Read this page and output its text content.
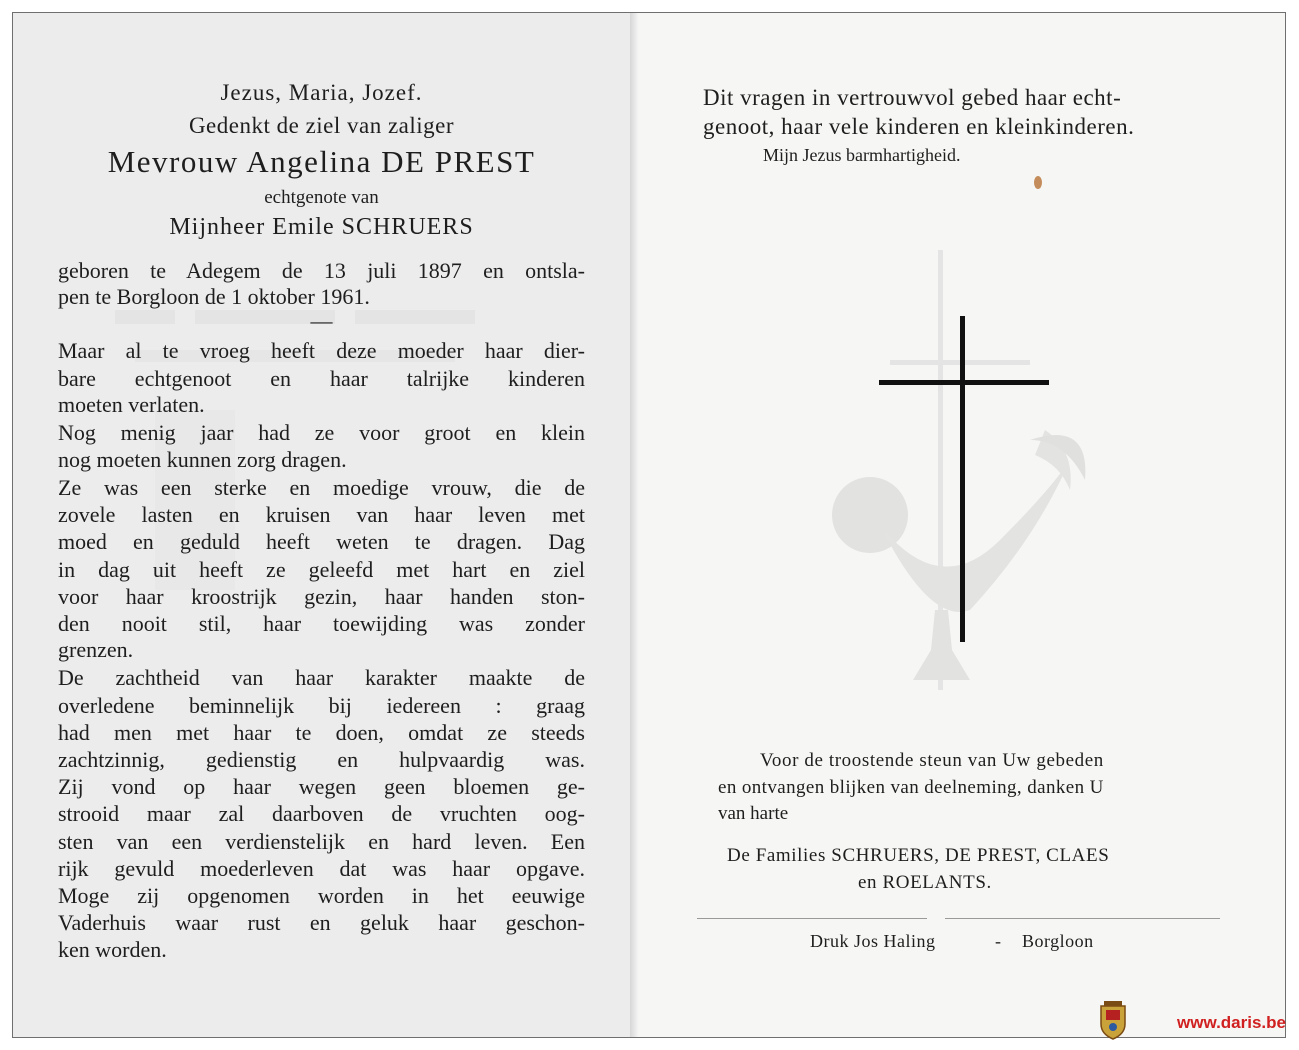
Jezus, Maria, Jozef.
Gedenkt de ziel van zaliger
Mevrouw Angelina DE PREST
echtgenote van
Mijnheer Emile SCHRUERS
geboren te Adegem de 13 juli 1897 en ontsla-
pen te Borgloon de 1 oktober 1961.
—
Maar al te vroeg heeft deze moeder haar dier-
bare echtgenoot en haar talrijke kinderen
moeten verlaten.
Nog menig jaar had ze voor groot en klein
nog moeten kunnen zorg dragen.
Ze was een sterke en moedige vrouw, die de
zovele lasten en kruisen van haar leven met
moed en geduld heeft weten te dragen. Dag
in dag uit heeft ze geleefd met hart en ziel
voor haar kroostrijk gezin, haar handen ston-
den nooit stil, haar toewijding was zonder
grenzen.
De zachtheid van haar karakter maakte de
overledene beminnelijk bij iedereen : graag
had men met haar te doen, omdat ze steeds
zachtzinnig, gedienstig en hulpvaardig was.
Zij vond op haar wegen geen bloemen ge-
strooid maar zal daarboven de vruchten oog-
sten van een verdienstelijk en hard leven. Een
rijk gevuld moederleven dat was haar opgave.
Moge zij opgenomen worden in het eeuwige
Vaderhuis waar rust en geluk haar geschon-
ken worden.
Dit vragen in vertrouwvol gebed haar echt-
genoot, haar vele kinderen en kleinkinderen.
Mijn Jezus barmhartigheid.
Voor de troostende steun van Uw gebeden
en ontvangen blijken van deelneming, danken U
van harte
De Families SCHRUERS, DE PREST, CLAES
en ROELANTS.
Druk Jos Haling	- Borgloon
www.daris.be
